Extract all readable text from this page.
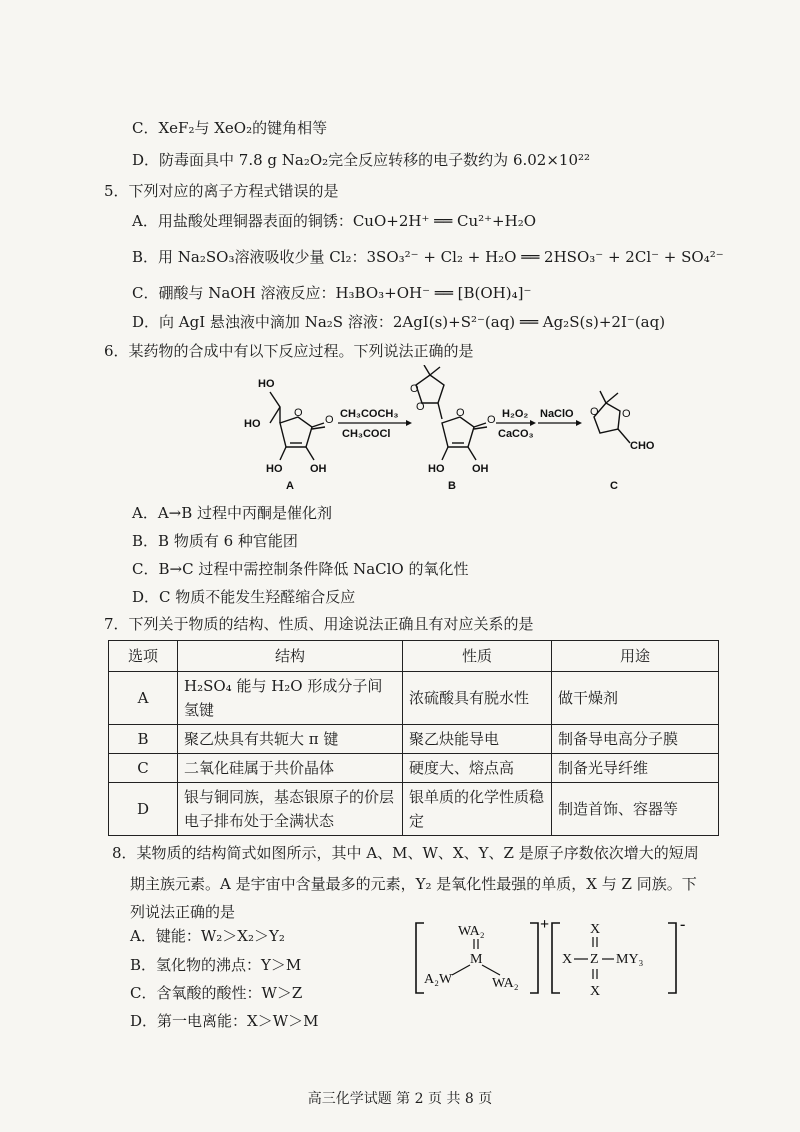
C．XeF₂与 XeO₂的键角相等
D．防毒面具中 7.8 g Na₂O₂完全反应转移的电子数约为 6.02×10²²
5．下列对应的离子方程式错误的是
A．用盐酸处理铜器表面的铜锈：CuO+2H⁺ ══ Cu²⁺+H₂O
B．用 Na₂SO₃溶液吸收少量 Cl₂：3SO₃²⁻ + Cl₂ + H₂O ══ 2HSO₃⁻ + 2Cl⁻ + SO₄²⁻
C．硼酸与 NaOH 溶液反应：H₃BO₃+OH⁻ ══ [B(OH)₄]⁻
D．向 AgI 悬浊液中滴加 Na₂S 溶液：2AgI(s)+S²⁻(aq) ══ Ag₂S(s)+2I⁻(aq)
6．某药物的合成中有以下反应过程。下列说法正确的是
HO
HO
O
O
HO	OH
A
CH₃COCH₃
CH₃COCl
O
O	O
O
HO	OH
B
H₂O₂
CaCO₃
NaClO O O
CHO
C
A．A→B 过程中丙酮是催化剂
B．B 物质有 6 种官能团
C．B→C 过程中需控制条件降低 NaClO 的氧化性
D．C 物质不能发生羟醛缩合反应
7．下列关于物质的结构、性质、用途说法正确且有对应关系的是
选项	结构	性质	用途
A	H₂SO₄ 能与 H₂O 形成分子间氢键	浓硫酸具有脱水性	做干燥剂
B	聚乙炔具有共轭大 π 键	聚乙炔能导电	制备导电高分子膜
C	二氧化硅属于共价晶体	硬度大、熔点高	制备光导纤维
D	银与铜同族，基态银原子的价层电子排布处于全满状态	银单质的化学性质稳定	制造首饰、容器等
8．某物质的结构简式如图所示，其中 A、M、W、X、Y、Z 是原子序数依次增大的短周
期主族元素。A 是宇宙中含量最多的元素，Y₂ 是氧化性最强的单质，X 与 Z 同族。下
列说法正确的是
A．键能：W₂＞X₂＞Y₂
B．氢化物的沸点：Y＞M
C．含氧酸的酸性：W＞Z
D．第一电离能：X＞W＞M
WA₂
M
A₂W	WA₂
+	X
X Z MY₃
X
-
高三化学试题 第 2 页 共 8 页
